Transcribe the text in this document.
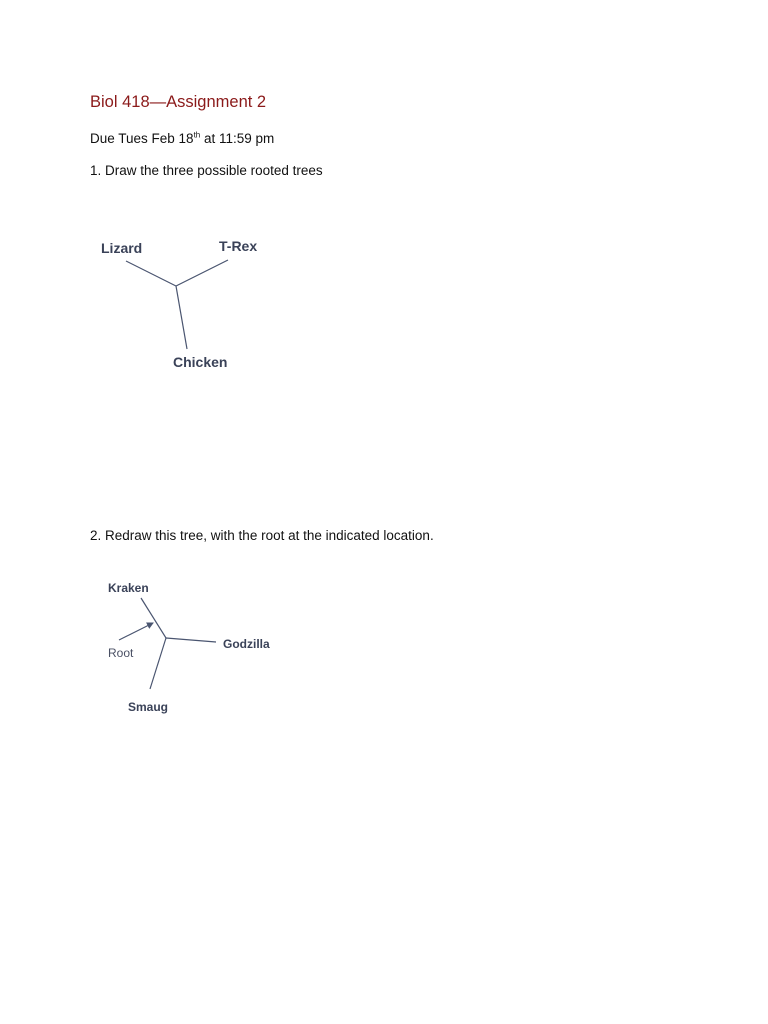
Biol 418—Assignment 2
Due Tues Feb 18th at 11:59 pm
1. Draw the three possible rooted trees
Lizard	T-Rex
Chicken
2. Redraw this tree, with the root at the indicated location.
Kraken
Godzilla
Smaug
Root
